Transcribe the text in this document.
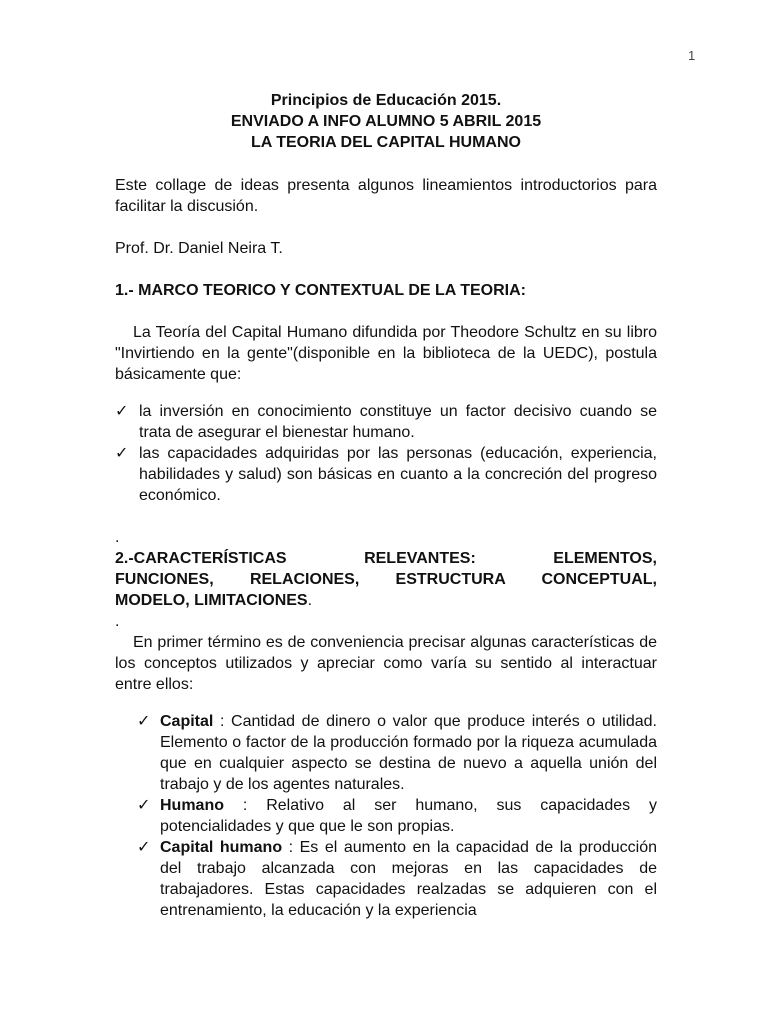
1
Principios de Educación 2015.
ENVIADO A INFO ALUMNO 5 ABRIL 2015
LA TEORIA DEL CAPITAL HUMANO

Este collage de ideas presenta algunos lineamientos introductorios para facilitar la discusión.

Prof. Dr. Daniel Neira T.

1.- MARCO TEORICO Y CONTEXTUAL DE LA TEORIA:

La Teoría del Capital Humano difundida por Theodore Schultz en su libro "Invirtiendo en la gente"(disponible en la biblioteca de la UEDC), postula básicamente que:

✓ la inversión en conocimiento constituye un factor decisivo cuando se trata de asegurar el bienestar humano.
✓ las capacidades adquiridas por las personas (educación, experiencia, habilidades y salud) son básicas en cuanto a la concreción del progreso económico.
.
2.-CARACTERÍSTICAS RELEVANTES: ELEMENTOS,
FUNCIONES, RELACIONES, ESTRUCTURA CONCEPTUAL,
MODELO, LIMITACIONES.
.

En primer término es de conveniencia precisar algunas características de los conceptos utilizados y apreciar como varía su sentido al interactuar entre ellos:

✓ Capital : Cantidad de dinero o valor que produce interés o utilidad. Elemento o factor de la producción formado por la riqueza acumulada que en cualquier aspecto se destina de nuevo a aquella unión del trabajo y de los agentes naturales.
✓ Humano : Relativo al ser humano, sus capacidades y potencialidades y que que le son propias.
✓ Capital humano : Es el aumento en la capacidad de la producción del trabajo alcanzada con mejoras en las capacidades de trabajadores. Estas capacidades realzadas se adquieren con el entrenamiento, la educación y la experiencia
